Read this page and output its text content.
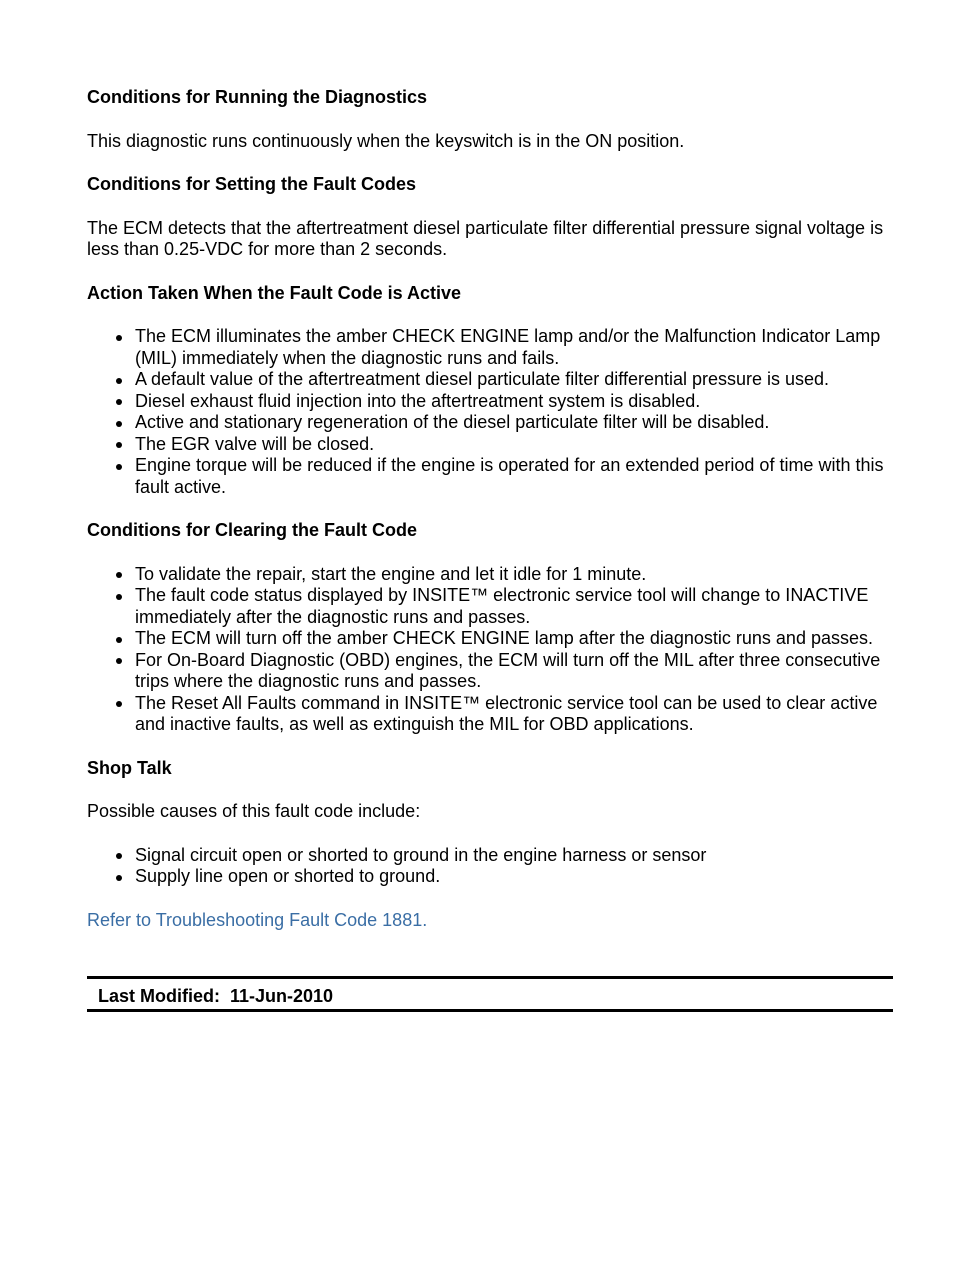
Conditions for Running the Diagnostics

This diagnostic runs continuously when the keyswitch is in the ON position.

Conditions for Setting the Fault Codes

The ECM detects that the aftertreatment diesel particulate filter differential pressure signal voltage is less than 0.25-VDC for more than 2 seconds.

Action Taken When the Fault Code is Active

The ECM illuminates the amber CHECK ENGINE lamp and/or the Malfunction Indicator Lamp (MIL) immediately when the diagnostic runs and fails.
A default value of the aftertreatment diesel particulate filter differential pressure is used.
Diesel exhaust fluid injection into the aftertreatment system is disabled.
Active and stationary regeneration of the diesel particulate filter will be disabled.
The EGR valve will be closed.
Engine torque will be reduced if the engine is operated for an extended period of time with this fault active.

Conditions for Clearing the Fault Code

To validate the repair, start the engine and let it idle for 1 minute.
The fault code status displayed by INSITE™ electronic service tool will change to INACTIVE immediately after the diagnostic runs and passes.
The ECM will turn off the amber CHECK ENGINE lamp after the diagnostic runs and passes.
For On-Board Diagnostic (OBD) engines, the ECM will turn off the MIL after three consecutive trips where the diagnostic runs and passes.
The Reset All Faults command in INSITE™ electronic service tool can be used to clear active and inactive faults, as well as extinguish the MIL for OBD applications.

Shop Talk

Possible causes of this fault code include:

Signal circuit open or shorted to ground in the engine harness or sensor
Supply line open or shorted to ground.

Refer to Troubleshooting Fault Code 1881.

Last Modified:  11-Jun-2010
